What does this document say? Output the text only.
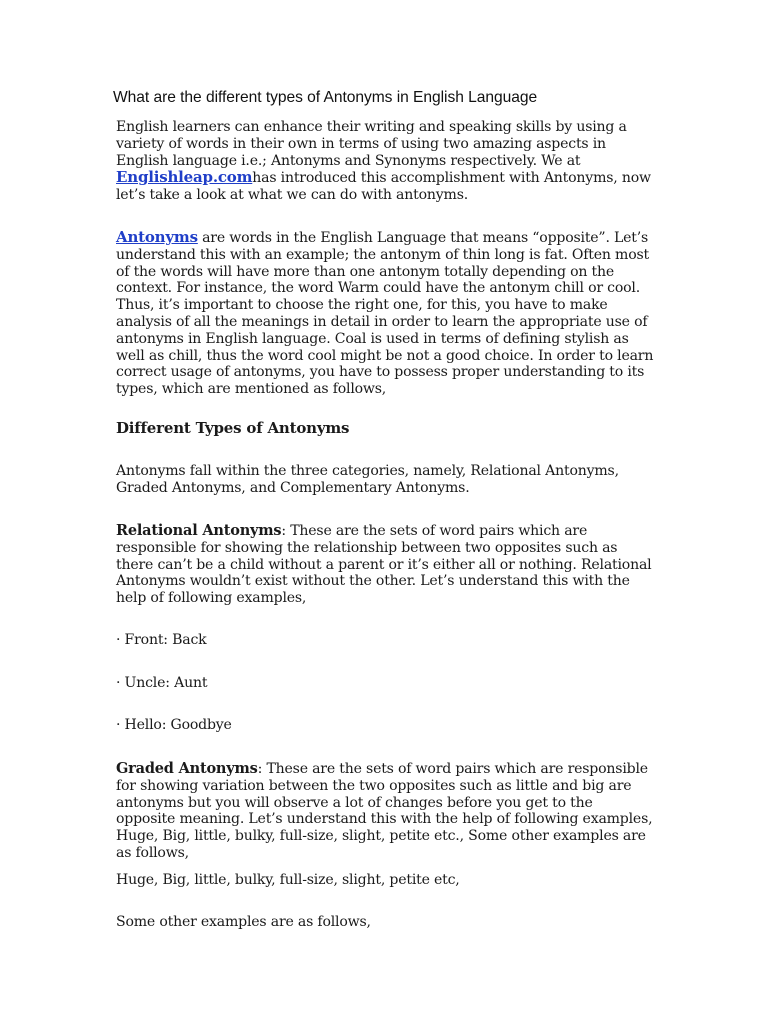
What are the different types of Antonyms in English Language

English learners can enhance their writing and speaking skills by using a variety of words in their own in terms of using two amazing aspects in English language i.e.; Antonyms and Synonyms respectively. We at Englishleap.comhas introduced this accomplishment with Antonyms, now let’s take a look at what we can do with antonyms.

Antonyms are words in the English Language that means “opposite”. Let’s understand this with an example; the antonym of thin long is fat. Often most of the words will have more than one antonym totally depending on the context. For instance, the word Warm could have the antonym chill or cool. Thus, it’s important to choose the right one, for this, you have to make analysis of all the meanings in detail in order to learn the appropriate use of antonyms in English language. Coal is used in terms of defining stylish as well as chill, thus the word cool might be not a good choice. In order to learn correct usage of antonyms, you have to possess proper understanding to its types, which are mentioned as follows,

Different Types of Antonyms

Antonyms fall within the three categories, namely, Relational Antonyms, Graded Antonyms, and Complementary Antonyms.

Relational Antonyms: These are the sets of word pairs which are responsible for showing the relationship between two opposites such as there can’t be a child without a parent or it’s either all or nothing. Relational Antonyms wouldn’t exist without the other. Let’s understand this with the help of following examples,

· Front: Back

· Uncle: Aunt

· Hello: Goodbye

Graded Antonyms: These are the sets of word pairs which are responsible for showing variation between the two opposites such as little and big are antonyms but you will observe a lot of changes before you get to the opposite meaning. Let’s understand this with the help of following examples, Huge, Big, little, bulky, full-size, slight, petite etc., Some other examples are as follows,

Huge, Big, little, bulky, full-size, slight, petite etc,

Some other examples are as follows,
